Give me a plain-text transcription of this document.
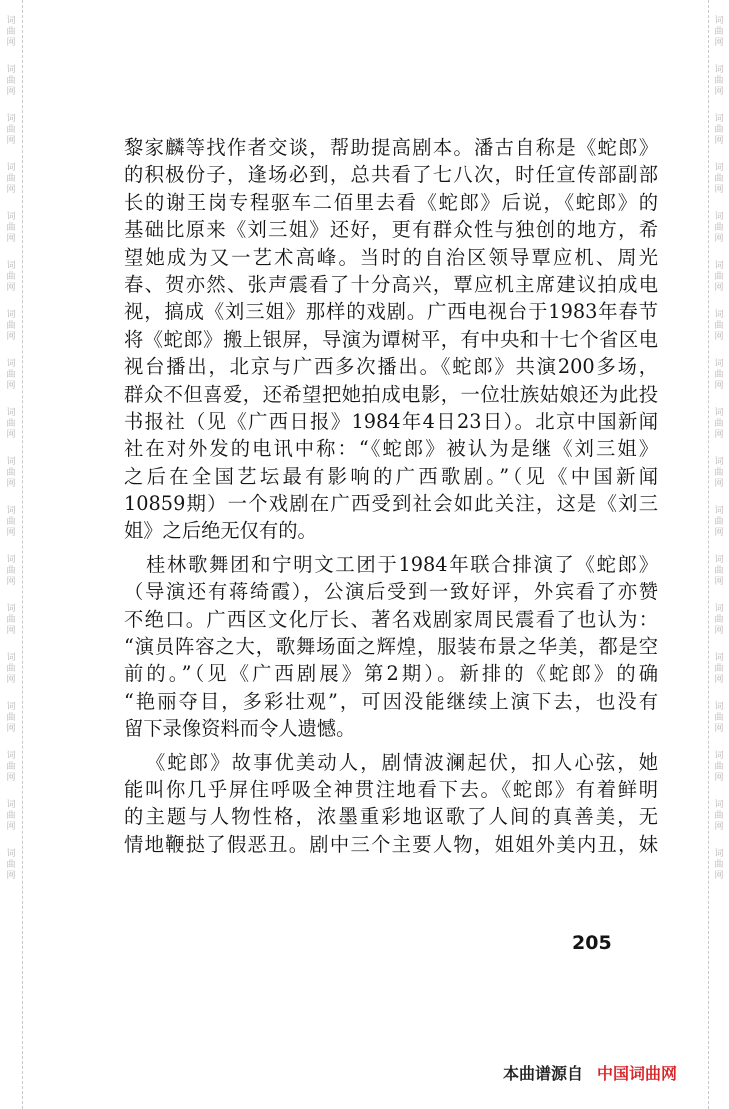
词曲网
词曲网
词曲网
词曲网
词曲网
词曲网
词曲网
词曲网
词曲网
词曲网
词曲网
词曲网
词曲网
词曲网
词曲网
词曲网
词曲网
词曲网
词曲网
词曲网
词曲网
词曲网
词曲网
词曲网
词曲网
词曲网
词曲网
词曲网
词曲网
词曲网
词曲网
词曲网
词曲网
词曲网
词曲网
词曲网
黎家麟等找作者交谈，帮助提高剧本。潘古自称是《蛇郎》
的积极份子，逢场必到，总共看了七八次，时任宣传部副部
长的谢王岗专程驱车二佰里去看《蛇郎》后说，《蛇郎》的
基础比原来《刘三姐》还好，更有群众性与独创的地方，希
望她成为又一艺术高峰。当时的自治区领导覃应机、周光
春、贺亦然、张声震看了十分高兴，覃应机主席建议拍成电
视，搞成《刘三姐》那样的戏剧。广西电视台于1983年春节
将《蛇郎》搬上银屏，导演为谭树平，有中央和十七个省区电
视台播出，北京与广西多次播出。《蛇郎》共演200多场，
群众不但喜爱，还希望把她拍成电影，一位壮族姑娘还为此投
书报社（见《广西日报》1984年4日23日）。北京中国新闻
社在对外发的电讯中称：“《蛇郎》被认为是继《刘三姐》
之后在全国艺坛最有影响的广西歌剧。”（见《中国新闻
10859期）一个戏剧在广西受到社会如此关注，这是《刘三
姐》之后绝无仅有的。
桂林歌舞团和宁明文工团于1984年联合排演了《蛇郎》
（导演还有蒋绮霞），公演后受到一致好评，外宾看了亦赞
不绝口。广西区文化厅长、著名戏剧家周民震看了也认为：
“演员阵容之大，歌舞场面之辉煌，服装布景之华美，都是空
前的。”（见《广西剧展》第2期）。新排的《蛇郎》的确
“艳丽夺目，多彩壮观”，可因没能继续上演下去，也没有
留下录像资料而令人遗憾。
《蛇郎》故事优美动人，剧情波澜起伏，扣人心弦，她
能叫你几乎屏住呼吸全神贯注地看下去。《蛇郎》有着鲜明
的主题与人物性格，浓墨重彩地讴歌了人间的真善美，无
情地鞭挞了假恶丑。剧中三个主要人物，姐姐外美内丑，妹
205
本曲谱源自 中国词曲网
